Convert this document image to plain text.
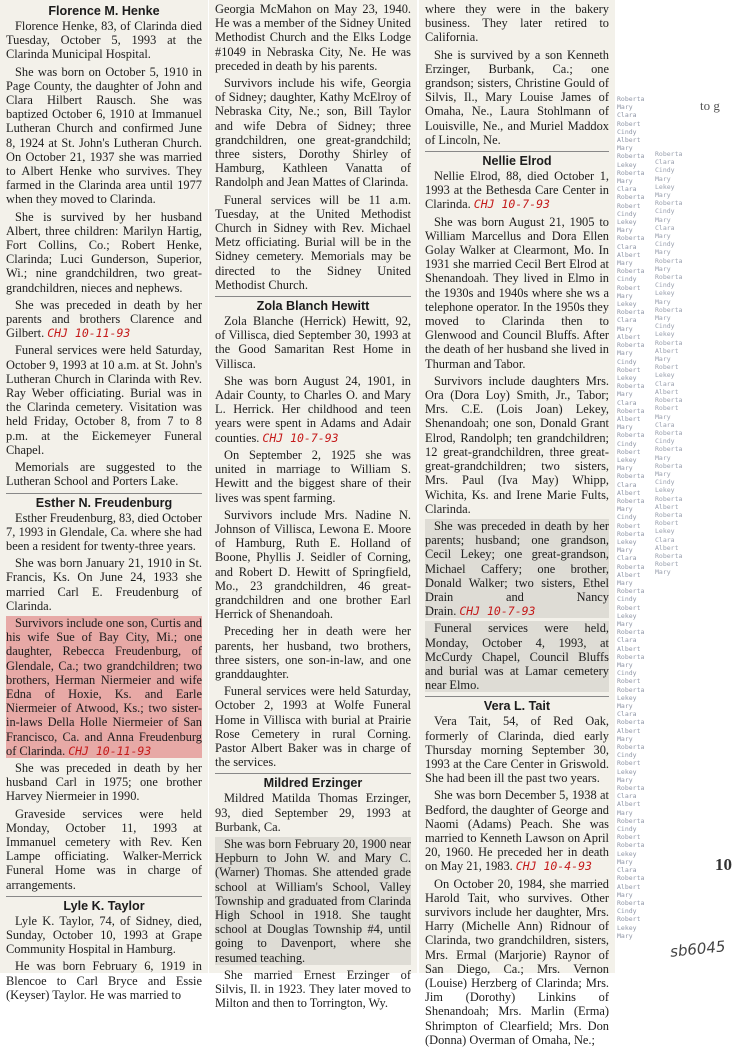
Florence M. Henke

Florence Henke, 83, of Clarinda died Tuesday, October 5, 1993 at the Clarinda Municipal Hospital.

She was born on October 5, 1910 in Page County, the daughter of John and Clara Hilbert Rausch. She was baptized October 6, 1910 at Immanuel Lutheran Church and confirmed June 8, 1924 at St. John's Lutheran Church. On October 21, 1937 she was married to Albert Henke who survives. They farmed in the Clarinda area until 1977 when they moved to Clarinda.

She is survived by her husband Albert, three children: Marilyn Hartig, Fort Collins, Co.; Robert Henke, Clarinda; Luci Gunderson, Superior, Wi.; nine grandchildren, two great-grandchildren, nieces and nephews.

She was preceded in death by her parents and brothers Clarence and Gilbert. CHJ 10-11-93

Funeral services were held Saturday, October 9, 1993 at 10 a.m. at St. John's Lutheran Church in Clarinda with Rev. Ray Weber officiating. Burial was in the Clarinda cemetery. Visitation was held Friday, October 8, from 7 to 8 p.m. at the Eickemeyer Funeral Chapel.

Memorials are suggested to the Lutheran School and Porters Lake.

Esther N. Freudenburg

Esther Freudenburg, 83, died October 7, 1993 in Glendale, Ca. where she had been a resident for twenty-three years.

She was born January 21, 1910 in St. Francis, Ks. On June 24, 1933 she married Carl E. Freudenburg of Clarinda.

Survivors include one son, Curtis and his wife Sue of Bay City, Mi.; one daughter, Rebecca Freudenburg, of Glendale, Ca.; two grandchildren; two brothers, Herman Niermeier and wife Edna of Hoxie, Ks. and Earle Niermeier of Atwood, Ks.; two sister-in-laws Della Holle Niermeier of San Francisco, Ca. and Anna Freudenburg of Clarinda. CHJ 10-11-93

She was preceded in death by her husband Carl in 1975; one brother Harvey Niermeier in 1990.

Graveside services were held Monday, October 11, 1993 at Immanuel cemetery with Rev. Ken Lampe officiating. Walker-Merrick Funeral Home was in charge of arrangements.

Lyle K. Taylor

Lyle K. Taylor, 74, of Sidney, died, Sunday, October 10, 1993 at Grape Community Hospital in Hamburg.

He was born February 6, 1919 in Blencoe to Carl Bryce and Essie (Keyser) Taylor. He was married to

Georgia McMahon on May 23, 1940. He was a member of the Sidney United Methodist Church and the Elks Lodge #1049 in Nebraska City, Ne. He was preceded in death by his parents.

Survivors include his wife, Georgia of Sidney; daughter, Kathy McElroy of Nebraska City, Ne.; son, Bill Taylor and wife Debra of Sidney; three grandchildren, one great-grandchild; three sisters, Dorothy Shirley of Hamburg, Kathleen Vanatta of Randolph and Jean Mattes of Clarinda.

Funeral services will be 11 a.m. Tuesday, at the United Methodist Church in Sidney with Rev. Michael Metz officiating. Burial will be in the Sidney cemetery. Memorials may be directed to the Sidney United Methodist Church.

Zola Blanch Hewitt

Zola Blanche (Herrick) Hewitt, 92, of Villisca, died September 30, 1993 at the Good Samaritan Rest Home in Villisca.

She was born August 24, 1901, in Adair County, to Charles O. and Mary L. Herrick. Her childhood and teen years were spent in Adams and Adair counties. CHJ 10-7-93

On September 2, 1925 she was united in marriage to William S. Hewitt and the biggest share of their lives was spent farming.

Survivors include Mrs. Nadine N. Johnson of Villisca, Lewona E. Moore of Hamburg, Ruth E. Holland of Boone, Phyllis J. Seidler of Corning, and Robert D. Hewitt of Springfield, Mo., 23 grandchildren, 46 great-grandchildren and one brother Earl Herrick of Shenandoah.

Preceding her in death were her parents, her husband, two brothers, three sisters, one son-in-law, and one granddaughter.

Funeral services were held Saturday, October 2, 1993 at Wolfe Funeral Home in Villisca with burial at Prairie Rose Cemetery in rural Corning. Pastor Albert Baker was in charge of the services.

Mildred Erzinger

Mildred Matilda Thomas Erzinger, 93, died September 29, 1993 at Burbank, Ca.

She was born February 20, 1900 near Hepburn to John W. and Mary C. (Warner) Thomas. She attended grade school at William's School, Valley Township and graduated from Clarinda High School in 1918. She taught school at Douglas Township #4, until going to Davenport, where she resumed teaching.

She married Ernest Erzinger of Silvis, Il. in 1923. They later moved to Milton and then to Torrington, Wy.

where they were in the bakery business. They later retired to California.

She is survived by a son Kenneth Erzinger, Burbank, Ca.; one grandson; sisters, Christine Gould of Silvis, Il., Mary Louise James of Omaha, Ne., Laura Stohlmann of Louisville, Ne., and Muriel Maddox of Lincoln, Ne.

Nellie Elrod

Nellie Elrod, 88, died October 1, 1993 at the Bethesda Care Center in Clarinda. CHJ 10-7-93

She was born August 21, 1905 to William Marcellus and Dora Ellen Golay Walker at Clearmont, Mo. In 1931 she married Cecil Bert Elrod at Shenandoah. They lived in Elmo in the 1930s and 1940s where she ws a telephone operator. In the 1950s they moved to Clarinda then to Glenwood and Council Bluffs. After the death of her husband she lived in Thurman and Tabor.

Survivors include daughters Mrs. Ora (Dora Loy) Smith, Jr., Tabor; Mrs. C.E. (Lois Joan) Lekey, Shenandoah; one son, Donald Grant Elrod, Randolph; ten grandchildren; 12 great-grandchildren, three great-great-grandchildren; two sisters, Mrs. Paul (Iva May) Whipp, Wichita, Ks. and Irene Marie Fults, Clarinda.

She was preceded in death by her parents; husband; one grandson, Cecil Lekey; one great-grandson, Michael Caffery; one brother, Donald Walker; two sisters, Ethel Drain and Nancy Drain. CHJ 10-7-93

Funeral services were held, Monday, October 4, 1993, at McCurdy Chapel, Council Bluffs and burial was at Lamar cemetery near Elmo.

Vera L. Tait

Vera Tait, 54, of Red Oak, formerly of Clarinda, died early Thursday morning September 30, 1993 at the Care Center in Griswold. She had been ill the past two years.

She was born December 5, 1938 at Bedford, the daughter of George and Naomi (Adams) Peach. She was married to Kenneth Lawson on April 20, 1960. He preceded her in death on May 21, 1983. CHJ 10-4-93

On October 20, 1984, she married Harold Tait, who survives. Other survivors include her daughter, Mrs. Harry (Michelle Ann) Ridnour of Clarinda, two grandchildren, sisters, Mrs. Ermal (Marjorie) Raynor of San Diego, Ca.; Mrs. Vernon (Louise) Herzberg of Clarinda; Mrs. Jim (Dorothy) Linkins of Shenandoah; Mrs. Marlin (Erma) Shrimpton of Clearfield; Mrs. Don (Donna) Overman of Omaha, Ne.;

Roberta
Mary
Clara
Robert
Cindy
Albert
Mary
Roberta
Lekey
Roberta
Mary
Clara
Roberta
Robert
Cindy
Lekey
Mary
Roberta
Clara
Albert
Mary
Roberta
Cindy
Robert
Mary
Lekey
Roberta
Clara
Mary
Albert
Roberta
Mary
Cindy
Robert
Lekey
Roberta
Mary
Clara
Roberta
Albert
Mary
Roberta
Cindy
Robert
Lekey
Mary
Roberta
Clara
Albert
Roberta
Mary
Cindy
Robert
Roberta
Lekey
Mary
Clara
Roberta
Albert
Mary
Roberta
Cindy
Robert
Lekey
Mary
Roberta
Clara
Albert
Roberta
Mary
Cindy
Robert
Roberta
Lekey
Mary
Clara
Roberta
Albert
Mary
Roberta
Cindy
Robert
Lekey
Mary
Roberta
Clara
Albert
Mary
Roberta
Cindy
Robert
Roberta
Lekey
Mary
Clara
Roberta
Albert
Mary
Roberta
Cindy
Robert
Lekey
Mary
Roberta
Clara
Cindy
Mary
Lekey
Mary
Roberta
Cindy
Mary
Clara
Mary
Cindy
Mary
Roberta
Mary
Roberta
Cindy
Lekey
Mary
Roberta
Mary
Cindy
Lekey
Roberta
Albert
Mary
Robert
Lekey
Clara
Albert
Roberta
Robert
Mary
Clara
Roberta
Cindy
Roberta
Mary
Roberta
Mary
Cindy
Lekey
Roberta
Albert
Roberta
Robert
Lekey
Clara
Albert
Roberta
Robert
Mary
to g
10
sb6045
